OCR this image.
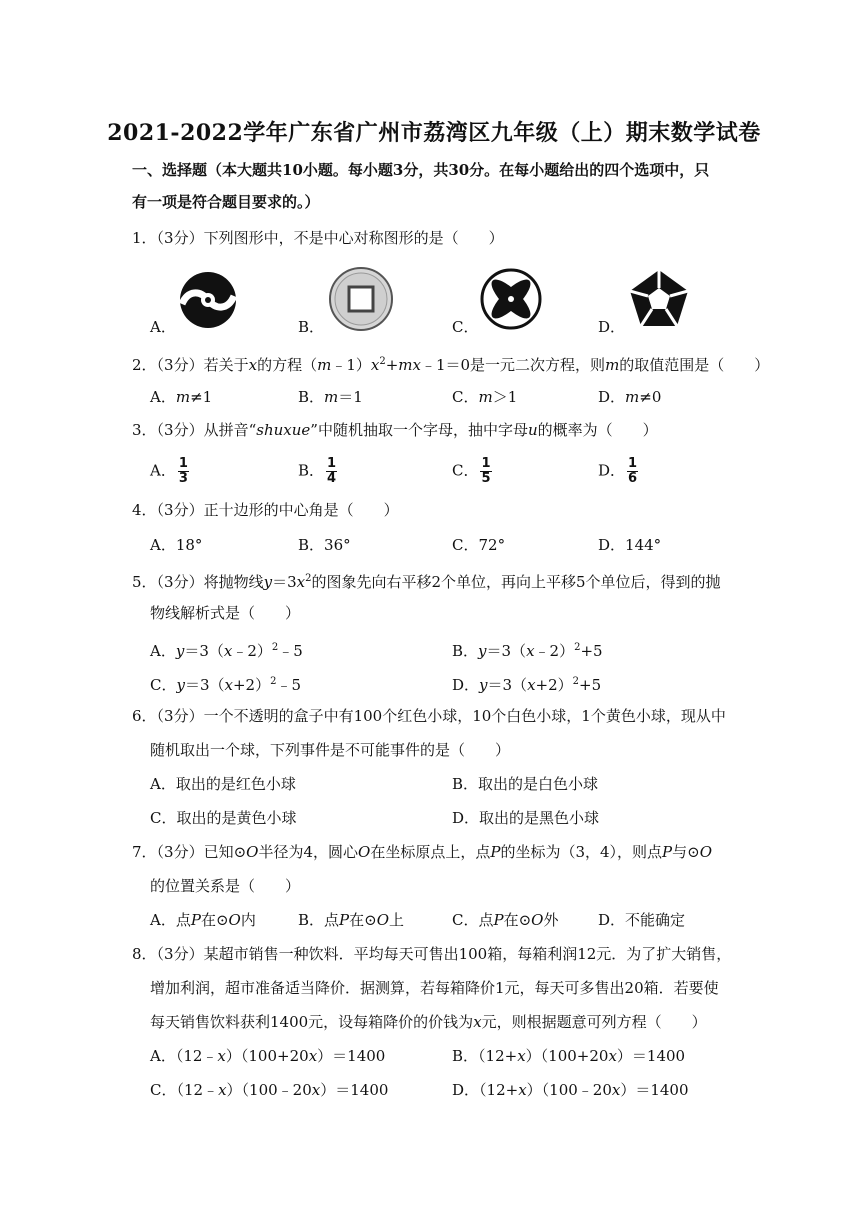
2021-2022学年广东省广州市荔湾区九年级（上）期末数学试卷
一、选择题（本大题共10小题。每小题3分，共30分。在每小题给出的四个选项中，只
有一项是符合题目要求的。）
1．（3分）下列图形中，不是中心对称图形的是（　　）
A．	B．	C．	D．
2．（3分）若关于x的方程$(m﹣1)x^2+mx﹣1=0$是一元二次方程，则m的取值范围是（　　）
A．m≠1	B．m＝1	C．m＞1	D．m≠0
3．（3分）从拼音“shuxue”中随机抽取一个字母，抽中字母u的概率为（　　）
A． $\frac{1}{3}$	B． $\frac{1}{4}$	C． $\frac{1}{5}$	D． $\frac{1}{6}$
4．（3分）正十边形的中心角是（　　）
A．18°	B．36°	C．72°	D．144°
5．（3分）将抛物线$y=3x^2$的图象先向右平移2个单位，再向上平移5个单位后，得到的抛
物线解析式是（　　）
A．y＝3（x﹣2）$^2$﹣5	B．y＝3（x﹣2）$^2$+5
C．$y=3(x+2)^2﹣5$	D．$y=3(x+2)^2+5$
6．（3分）一个不透明的盒子中有100个红色小球，10个白色小球，1个黄色小球，现从中
随机取出一个球，下列事件是不可能事件的是（　　）
A．取出的是红色小球	B．取出的是白色小球
C．取出的是黄色小球	D．取出的是黑色小球
7．（3分）已知⊙O半径为4，圆心O在坐标原点上，点P的坐标为（3，4），则点P与⊙O
的位置关系是（　　）
A．点P在⊙O内	B．点P在⊙O上	C．点P在⊙O外	D．不能确定
8．（3分）某超市销售一种饮料．平均每天可售出100箱，每箱利润12元．为了扩大销售，
增加利润，超市准备适当降价．据测算，若每箱降价1元，每天可多售出20箱．若要使
每天销售饮料获利1400元，设每箱降价的价钱为x元，则根据题意可列方程（　　）
A．（12﹣x）（100+20x）＝1400	B．（12+x）（100+20x）＝1400
C．（12﹣x）（100﹣20x）＝1400	D．（12+x）（100﹣20x）＝1400
